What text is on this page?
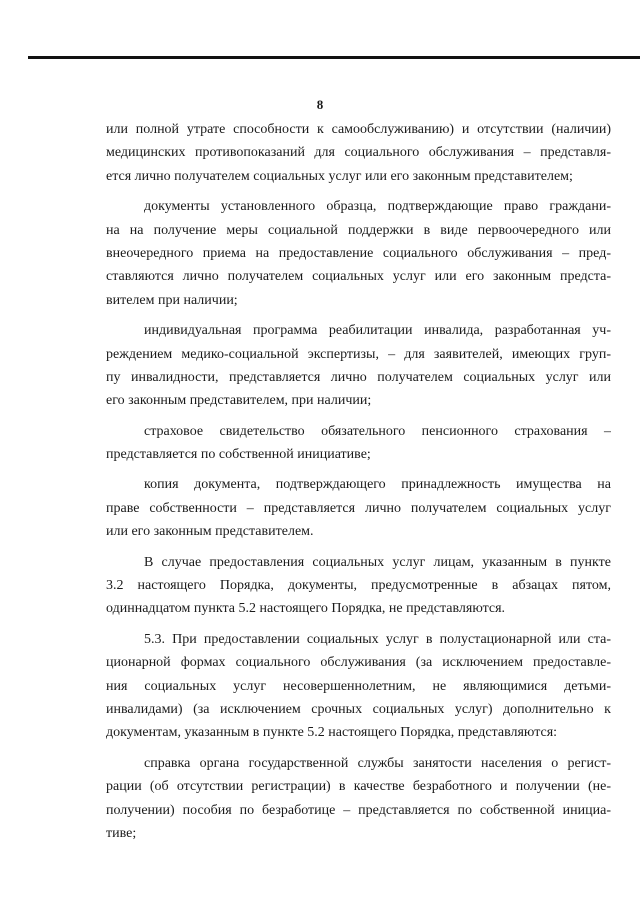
8
или полной утрате способности к самообслуживанию) и отсутствии (наличии)
медицинских противопоказаний для социального обслуживания – представля-
ется лично получателем социальных услуг или его законным представителем;
документы установленного образца, подтверждающие право граждани-
на на получение меры социальной поддержки в виде первоочередного или
внеочередного приема на предоставление социального обслуживания – пред-
ставляются лично получателем социальных услуг или его законным предста-
вителем при наличии;
индивидуальная программа реабилитации инвалида, разработанная уч-
реждением медико-социальной экспертизы, – для заявителей, имеющих груп-
пу инвалидности, представляется лично получателем социальных услуг или
его законным представителем, при наличии;
страховое свидетельство обязательного пенсионного страхования –
представляется по собственной инициативе;
копия документа, подтверждающего принадлежность имущества на
праве собственности – представляется лично получателем социальных услуг
или его законным представителем.
В случае предоставления социальных услуг лицам, указанным в пункте
3.2 настоящего Порядка, документы, предусмотренные в абзацах пятом,
одиннадцатом пункта 5.2 настоящего Порядка, не представляются.
5.3. При предоставлении социальных услуг в полустационарной или ста-
ционарной формах социального обслуживания (за исключением предоставле-
ния социальных услуг несовершеннолетним, не являющимися детьми-
инвалидами) (за исключением срочных социальных услуг) дополнительно к
документам, указанным в пункте 5.2 настоящего Порядка, представляются:
справка органа государственной службы занятости населения о регист-
рации (об отсутствии регистрации) в качестве безработного и получении (не-
получении) пособия по безработице – представляется по собственной инициа-
тиве;
